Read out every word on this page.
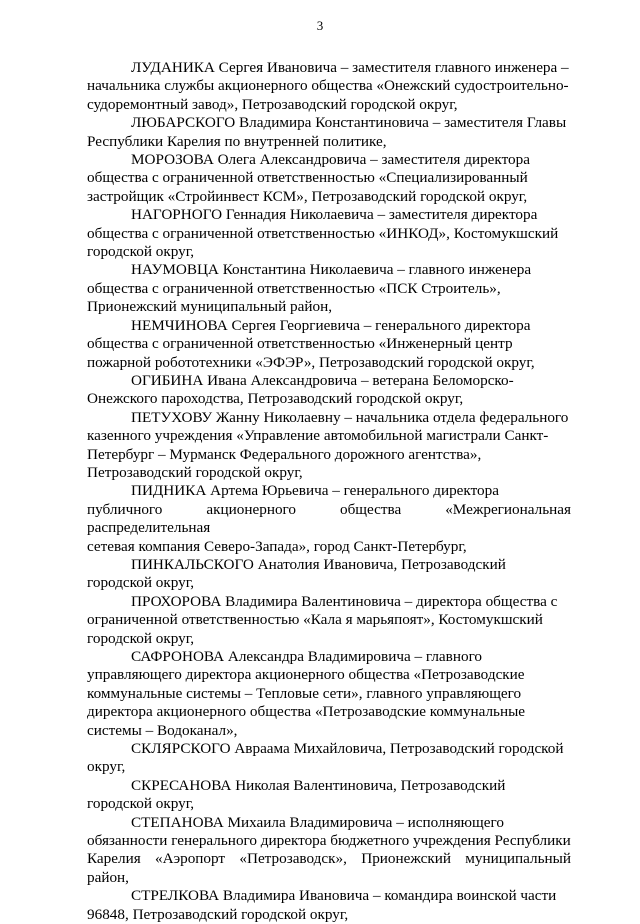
3

ЛУДАНИКА Сергея Ивановича – заместителя главного инженера –
начальника службы акционерного общества «Онежский судостроительно-
судоремонтный завод», Петрозаводский городской округ,

ЛЮБАРСКОГО Владимира Константиновича – заместителя Главы
Республики Карелия по внутренней политике,

МОРОЗОВА Олега Александровича – заместителя директора
общества с ограниченной ответственностью «Специализированный
застройщик «Стройинвест КСМ», Петрозаводский городской округ,

НАГОРНОГО Геннадия Николаевича – заместителя директора
общества с ограниченной ответственностью «ИНКОД», Костомукшский
городской округ,

НАУМОВЦА Константина Николаевича – главного инженера
общества с ограниченной ответственностью «ПСК Строитель»,
Прионежский муниципальный район,

НЕМЧИНОВА Сергея Георгиевича – генерального директора
общества с ограниченной ответственностью «Инженерный центр
пожарной робототехники «ЭФЭР», Петрозаводский городской округ,

ОГИБИНА Ивана Александровича – ветерана Беломорско-
Онежского пароходства, Петрозаводский городской округ,

ПЕТУХОВУ Жанну Николаевну – начальника отдела федерального
казенного учреждения «Управление автомобильной магистрали Санкт-
Петербург – Мурманск Федерального дорожного агентства»,
Петрозаводский городской округ,

ПИДНИКА Артема Юрьевича – генерального директора
публичного акционерного общества «Межрегиональная распределительная
сетевая компания Северо-Запада», город Санкт-Петербург,

ПИНКАЛЬСКОГО Анатолия Ивановича, Петрозаводский
городской округ,

ПРОХОРОВА Владимира Валентиновича – директора общества с
ограниченной ответственностью «Кала я марьяпоят», Костомукшский
городской округ,

САФРОНОВА Александра Владимировича – главного
управляющего директора акционерного общества «Петрозаводские
коммунальные системы – Тепловые сети», главного управляющего
директора акционерного общества «Петрозаводские коммунальные
системы – Водоканал»,

СКЛЯРСКОГО Авраама Михайловича, Петрозаводский городской
округ,

СКРЕСАНОВА Николая Валентиновича, Петрозаводский
городской округ,

СТЕПАНОВА Михаила Владимировича – исполняющего
обязанности генерального директора бюджетного учреждения Республики
Карелия «Аэропорт «Петрозаводск», Прионежский муниципальный район,

СТРЕЛКОВА Владимира Ивановича – командира воинской части
96848, Петрозаводский городской округ,
